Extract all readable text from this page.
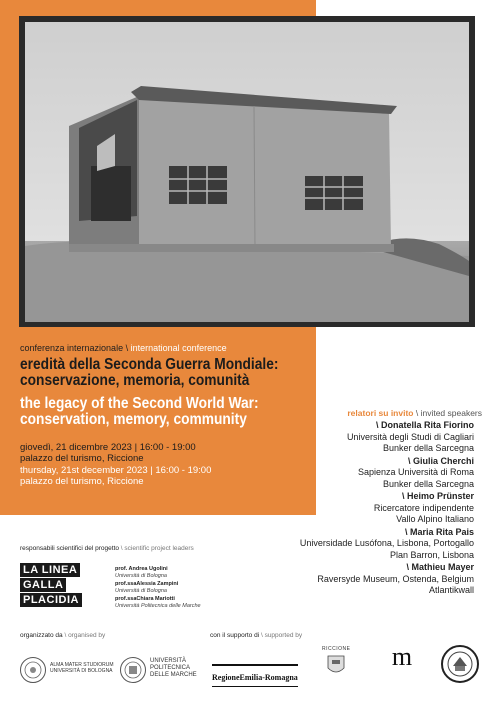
conferenza internazionale \ international conference
eredità della Seconda Guerra Mondiale:
conservazione, memoria, comunità
the legacy of the Second World War:
conservation, memory, community
giovedì, 21 dicembre 2023 | 16:00 - 19:00
palazzo del turismo, Riccione
thursday, 21st december 2023 | 16:00 - 19:00
palazzo del turismo, Riccione
relatori su invito \ invited speakers
\ Donatella Rita Fiorino
Università degli Studi di Cagliari
Bunker della Sarcegna
\ Giulia Cherchi
Sapienza Università di Roma
Bunker della Sarcegna
\ Heimo Prünster
Ricercatore indipendente
Vallo Alpino Italiano
\ Maria Rita Pais
Universidade Lusófona, Lisbona, Portogallo
Plan Barron, Lisbona
\ Mathieu Mayer
Raversyde Museum, Ostenda, Belgium
Atlantikwall
responsabili scientifici del progetto \ scientific project leaders
LA LINEA
GALLA
PLACIDIA
prof. Andrea Ugolini
Università di Bologna
prof.ssaAlessia Zampini
Università di Bologna
prof.ssaChiara Mariotti
Università Politecnica delle Marche
organizzato da \ organised by	con il supporto di \ supported by
ALMA MATER STUDIORUM
UNIVERSITÀ DI BOLOGNA
UNIVERSITÀ
POLITECNICA
DELLE MARCHE RegioneEmilia-Romagna
RICCIONE	m
